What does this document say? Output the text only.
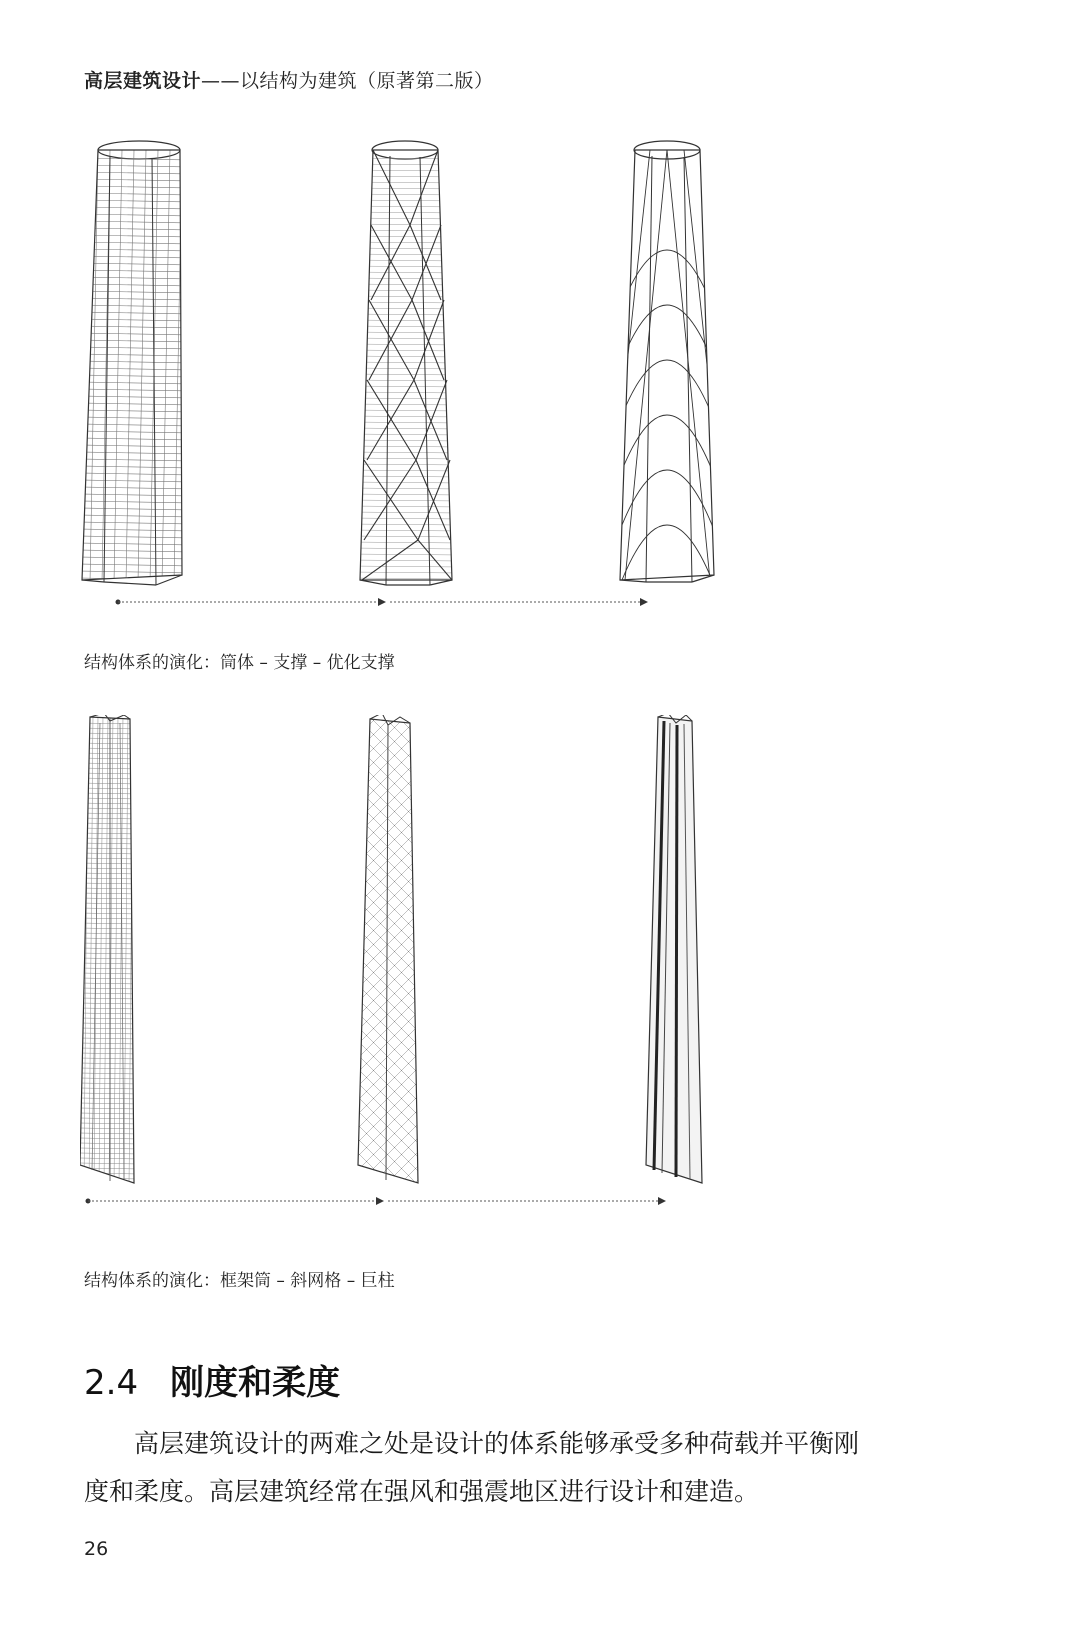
高层建筑设计——以结构为建筑（原著第二版）
结构体系的演化：筒体 – 支撑 – 优化支撑
结构体系的演化：框架筒 – 斜网格 – 巨柱
2.4 刚度和柔度
高层建筑设计的两难之处是设计的体系能够承受多种荷载并平衡刚度和柔度。高层建筑经常在强风和强震地区进行设计和建造。
26
